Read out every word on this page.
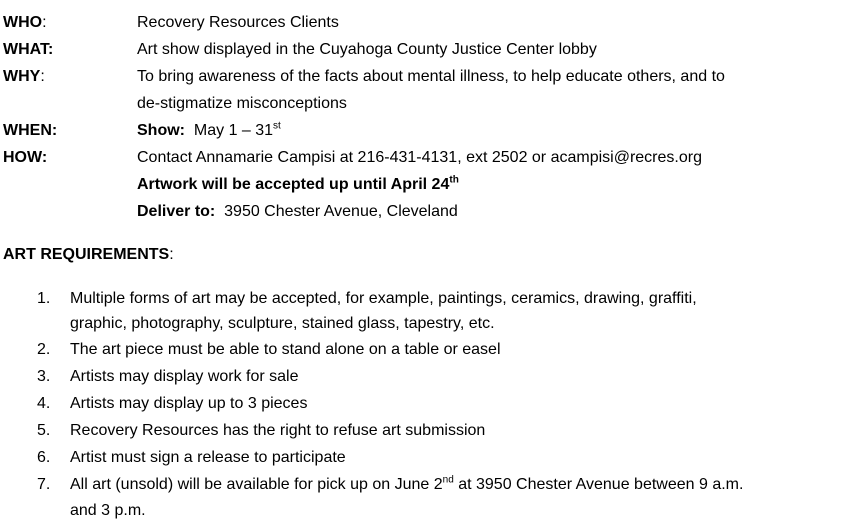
WHO:	Recovery Resources Clients
WHAT:	Art show displayed in the Cuyahoga County Justice Center lobby
WHY:	To bring awareness of the facts about mental illness, to help educate others, and to
de-stigmatize misconceptions
WHEN:	Show: May 1 – 31st
HOW:	Contact Annamarie Campisi at 216-431-4131, ext 2502 or acampisi@recres.org
Artwork will be accepted up until April 24th
Deliver to: 3950 Chester Avenue, Cleveland
ART REQUIREMENTS:
1. Multiple forms of art may be accepted, for example, paintings, ceramics, drawing, graffiti,
graphic, photography, sculpture, stained glass, tapestry, etc.
2. The art piece must be able to stand alone on a table or easel
3. Artists may display work for sale
4. Artists may display up to 3 pieces
5. Recovery Resources has the right to refuse art submission
6. Artist must sign a release to participate
7. All art (unsold) will be available for pick up on June 2nd at 3950 Chester Avenue between 9 a.m.
and 3 p.m.
